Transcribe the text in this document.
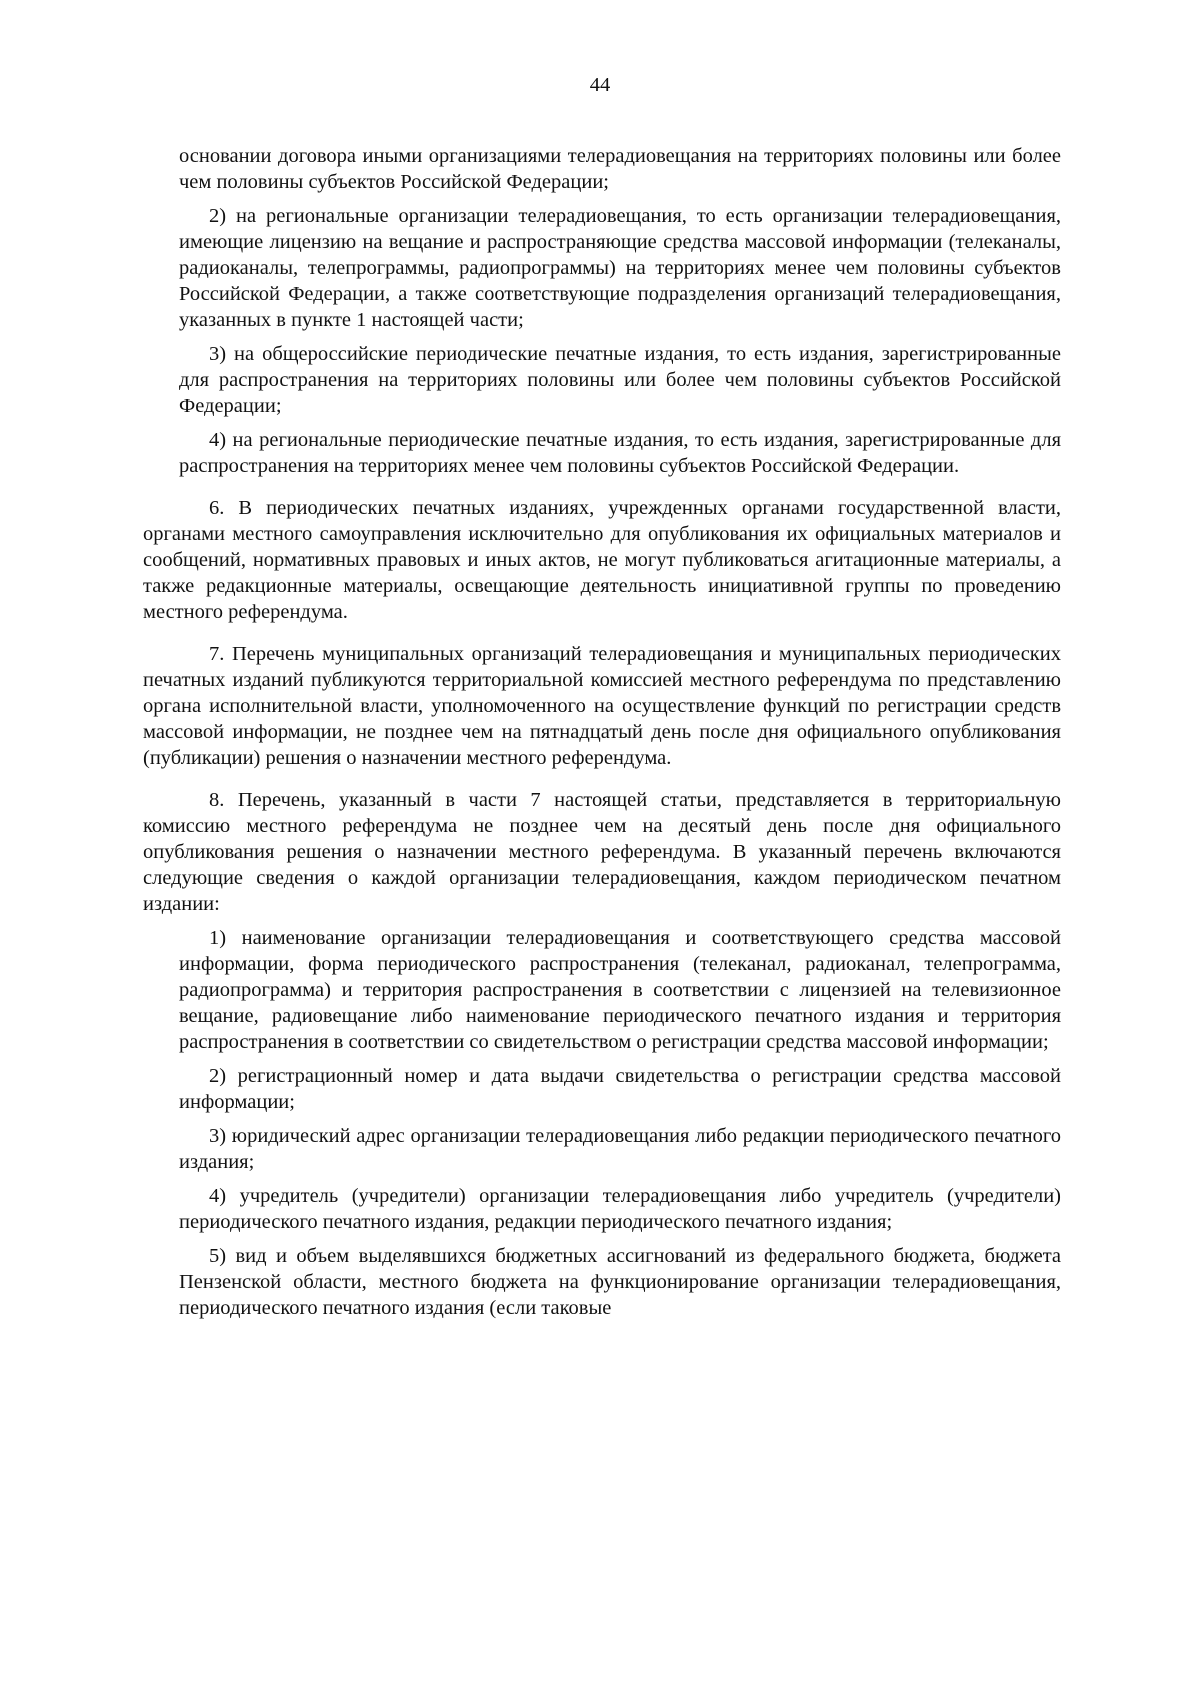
44

основании договора иными организациями телерадиовещания на территориях половины или более чем половины субъектов Российской Федерации;

2) на региональные организации телерадиовещания, то есть организации телерадиовещания, имеющие лицензию на вещание и распространяющие средства массовой информации (телеканалы, радиоканалы, телепрограммы, радиопрограммы) на территориях менее чем половины субъектов Российской Федерации, а также соответствующие подразделения организаций телерадиовещания, указанных в пункте 1 настоящей части;

3) на общероссийские периодические печатные издания, то есть издания, зарегистрированные для распространения на территориях половины или более чем половины субъектов Российской Федерации;

4) на региональные периодические печатные издания, то есть издания, зарегистрированные для распространения на территориях менее чем половины субъектов Российской Федерации.

6. В периодических печатных изданиях, учрежденных органами государственной власти, органами местного самоуправления исключительно для опубликования их официальных материалов и сообщений, нормативных правовых и иных актов, не могут публиковаться агитационные материалы, а также редакционные материалы, освещающие деятельность инициативной группы по проведению местного референдума.

7. Перечень муниципальных организаций телерадиовещания и муниципальных периодических печатных изданий публикуются территориальной комиссией местного референдума по представлению органа исполнительной власти, уполномоченного на осуществление функций по регистрации средств массовой информации, не позднее чем на пятнадцатый день после дня официального опубликования (публикации) решения о назначении местного референдума.

8. Перечень, указанный в части 7 настоящей статьи, представляется в территориальную комиссию местного референдума не позднее чем на десятый день после дня официального опубликования решения о назначении местного референдума. В указанный перечень включаются следующие сведения о каждой организации телерадиовещания, каждом периодическом печатном издании:

1) наименование организации телерадиовещания и соответствующего средства массовой информации, форма периодического распространения (телеканал, радиоканал, телепрограмма, радиопрограмма) и территория распространения в соответствии с лицензией на телевизионное вещание, радиовещание либо наименование периодического печатного издания и территория распространения в соответствии со свидетельством о регистрации средства массовой информации;

2) регистрационный номер и дата выдачи свидетельства о регистрации средства массовой информации;

3) юридический адрес организации телерадиовещания либо редакции периодического печатного издания;

4) учредитель (учредители) организации телерадиовещания либо учредитель (учредители) периодического печатного издания, редакции периодического печатного издания;

5) вид и объем выделявшихся бюджетных ассигнований из федерального бюджета, бюджета Пензенской области, местного бюджета на функционирование организации телерадиовещания, периодического печатного издания (если таковые
